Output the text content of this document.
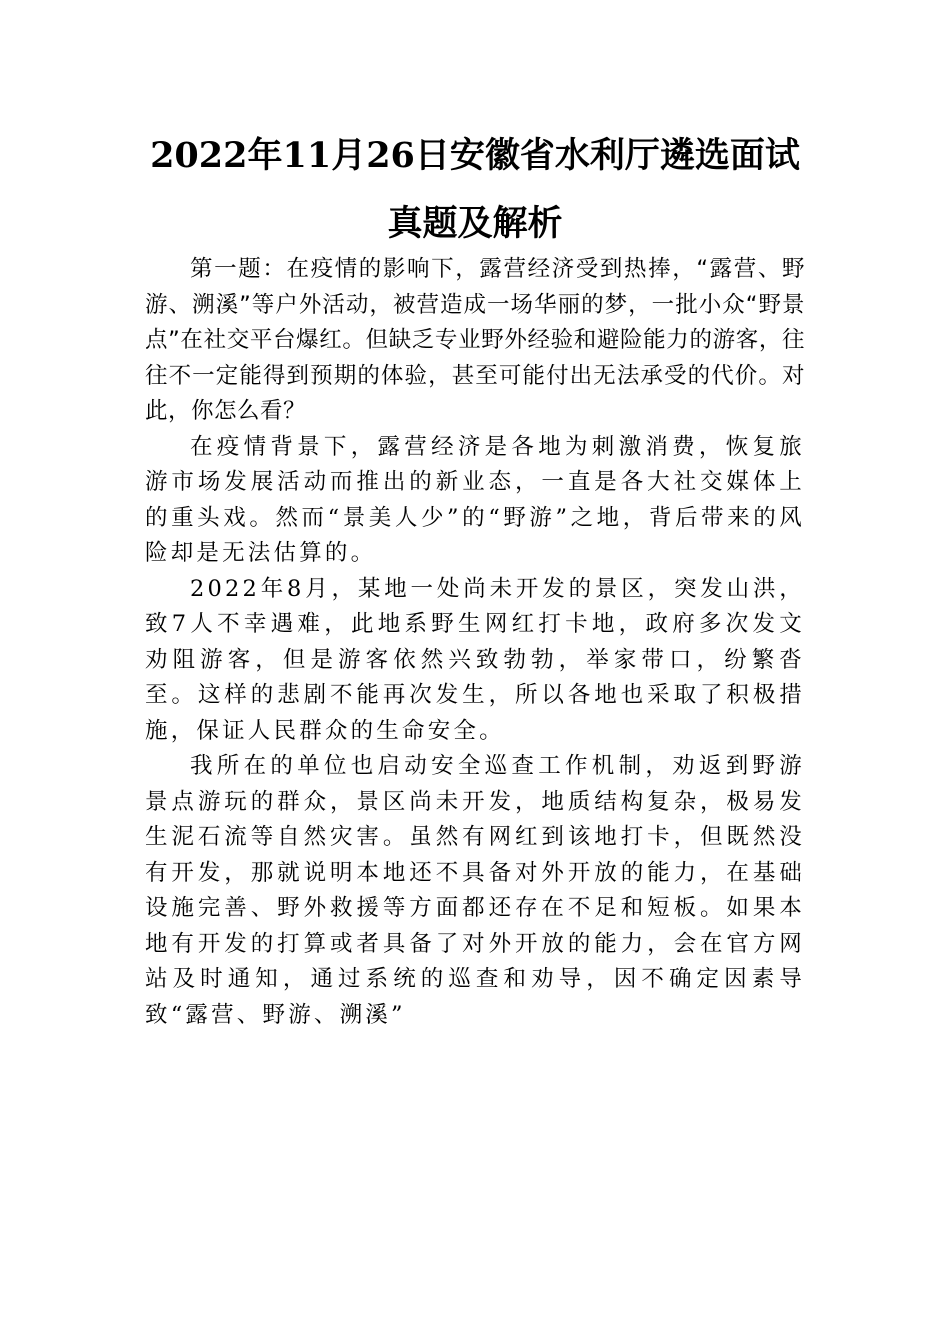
2022年11月26日安徽省水利厅遴选面试
真题及解析

第一题：在疫情的影响下，露营经济受到热捧，“露营、野游、溯溪”等户外活动，被营造成一场华丽的梦，一批小众“野景点”在社交平台爆红。但缺乏专业野外经验和避险能力的游客，往往不一定能得到预期的体验，甚至可能付出无法承受的代价。对此，你怎么看？

在疫情背景下，露营经济是各地为刺激消费，恢复旅游市场发展活动而推出的新业态，一直是各大社交媒体上的重头戏。然而“景美人少”的“野游”之地，背后带来的风险却是无法估算的。

2022年8月，某地一处尚未开发的景区，突发山洪，致7人不幸遇难，此地系野生网红打卡地，政府多次发文劝阻游客，但是游客依然兴致勃勃，举家带口，纷繁沓至。这样的悲剧不能再次发生，所以各地也采取了积极措施，保证人民群众的生命安全。

我所在的单位也启动安全巡查工作机制，劝返到野游景点游玩的群众，景区尚未开发，地质结构复杂，极易发生泥石流等自然灾害。虽然有网红到该地打卡，但既然没有开发，那就说明本地还不具备对外开放的能力，在基础设施完善、野外救援等方面都还存在不足和短板。如果本地有开发的打算或者具备了对外开放的能力，会在官方网站及时通知，通过系统的巡查和劝导，因不确定因素导致“露营、野游、溯溪”
